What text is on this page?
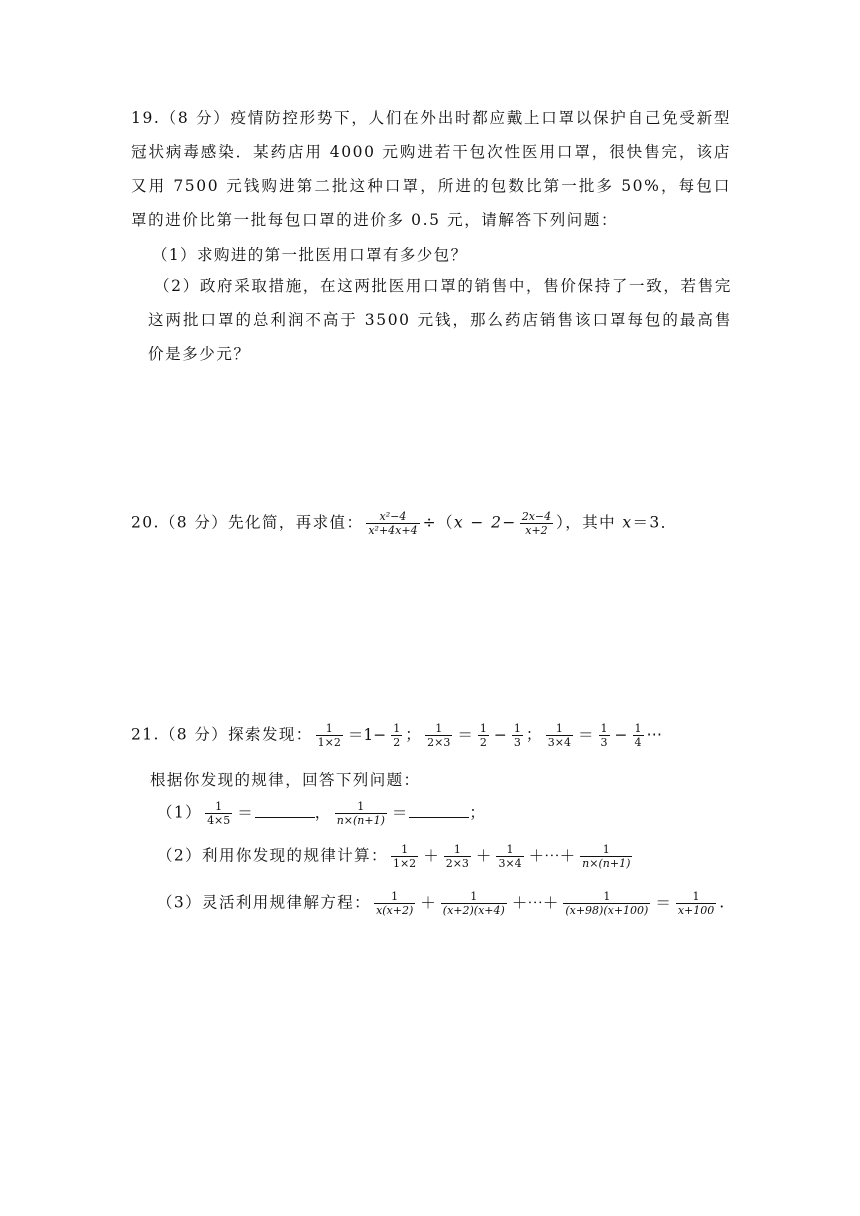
19.（8 分）疫情防控形势下，人们在外出时都应戴上口罩以保护自己免受新型冠状病毒感染．某药店用 4000 元购进若干包次性医用口罩，很快售完，该店又用 7500 元钱购进第二批这种口罩，所进的包数比第一批多 50%，每包口罩的进价比第一批每包口罩的进价多 0.5 元，请解答下列问题：
（1）求购进的第一批医用口罩有多少包？
（2）政府采取措施，在这两批医用口罩的销售中，售价保持了一致，若售完这两批口罩的总利润不高于 3500 元钱，那么药店销售该口罩每包的最高售价是多少元？
20.（8 分）先化简，再求值： $\frac{\text{x²−4}}{\text{x²+4x+4}} \div(x - 2- \frac{2x-4}{x+2}$ ），其中 x＝3．
21.（8 分）探索发现： $\frac{1}{1\times 2} =1- \frac{1}{2}$ ； $\frac{1}{2\times 3} = \frac{1}{2} - \frac{1}{3}$ ； $\frac{1}{3\times 4} = \frac{1}{3} - \frac{1}{4}$ ⋯
根据你发现的规律，回答下列问题：
$(1) \frac{1}{4\times 5}$ ＝	， $\frac{1}{n\times(n+1)}$ ＝	；
（2）利用你发现的规律计算： $\frac{1}{1\times 2} + \frac{1}{2\times 3} + \frac{1}{3\times 4}$ ＋⋯＋ $\frac{1}{n\times(n+1)}$
（3）灵活利用规律解方程： $\frac{1}{x(x+2)} + \frac{1}{(x+2)(x+4)}$ ＋⋯＋ $\frac{1}{(x+98)(x+100)} = \frac{1}{x+100}$ .
